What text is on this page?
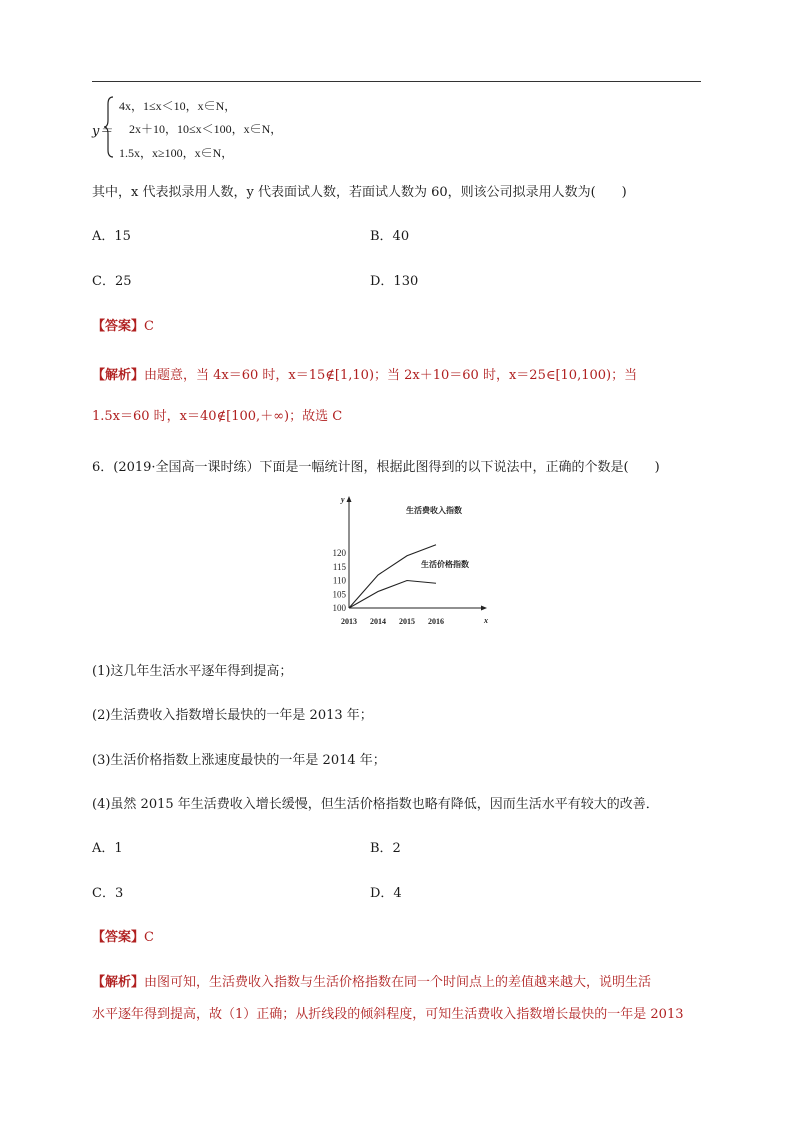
y＝
4x，1≤x＜10，x∈N，
2x＋10，10≤x＜100，x∈N，
1.5x，x≥100，x∈N，
其中，x 代表拟录用人数，y 代表面试人数，若面试人数为 60，则该公司拟录用人数为(　　)
A．15	B．40
C．25	D．130
【答案】C
【解析】由题意，当 4x＝60 时，x＝15∉[1,10)；当 2x＋10＝60 时，x＝25∈[10,100)；当
1.5x＝60 时，x＝40∉[100,＋∞)；故选 C
6．(2019·全国高一课时练）下面是一幅统计图，根据此图得到的以下说法中，正确的个数是(　　)
y
x
100
105
110
115
120
2013 2014 2015 2016
生活费收入指数
生活价格指数
(1)这几年生活水平逐年得到提高；
(2)生活费收入指数增长最快的一年是 2013 年；
(3)生活价格指数上涨速度最快的一年是 2014 年；
(4)虽然 2015 年生活费收入增长缓慢，但生活价格指数也略有降低，因而生活水平有较大的改善．
A．1	B．2
C．3	D．4
【答案】C
【解析】由图可知，生活费收入指数与生活价格指数在同一个时间点上的差值越来越大，说明生活
水平逐年得到提高，故（1）正确；从折线段的倾斜程度，可知生活费收入指数增长最快的一年是 2013
